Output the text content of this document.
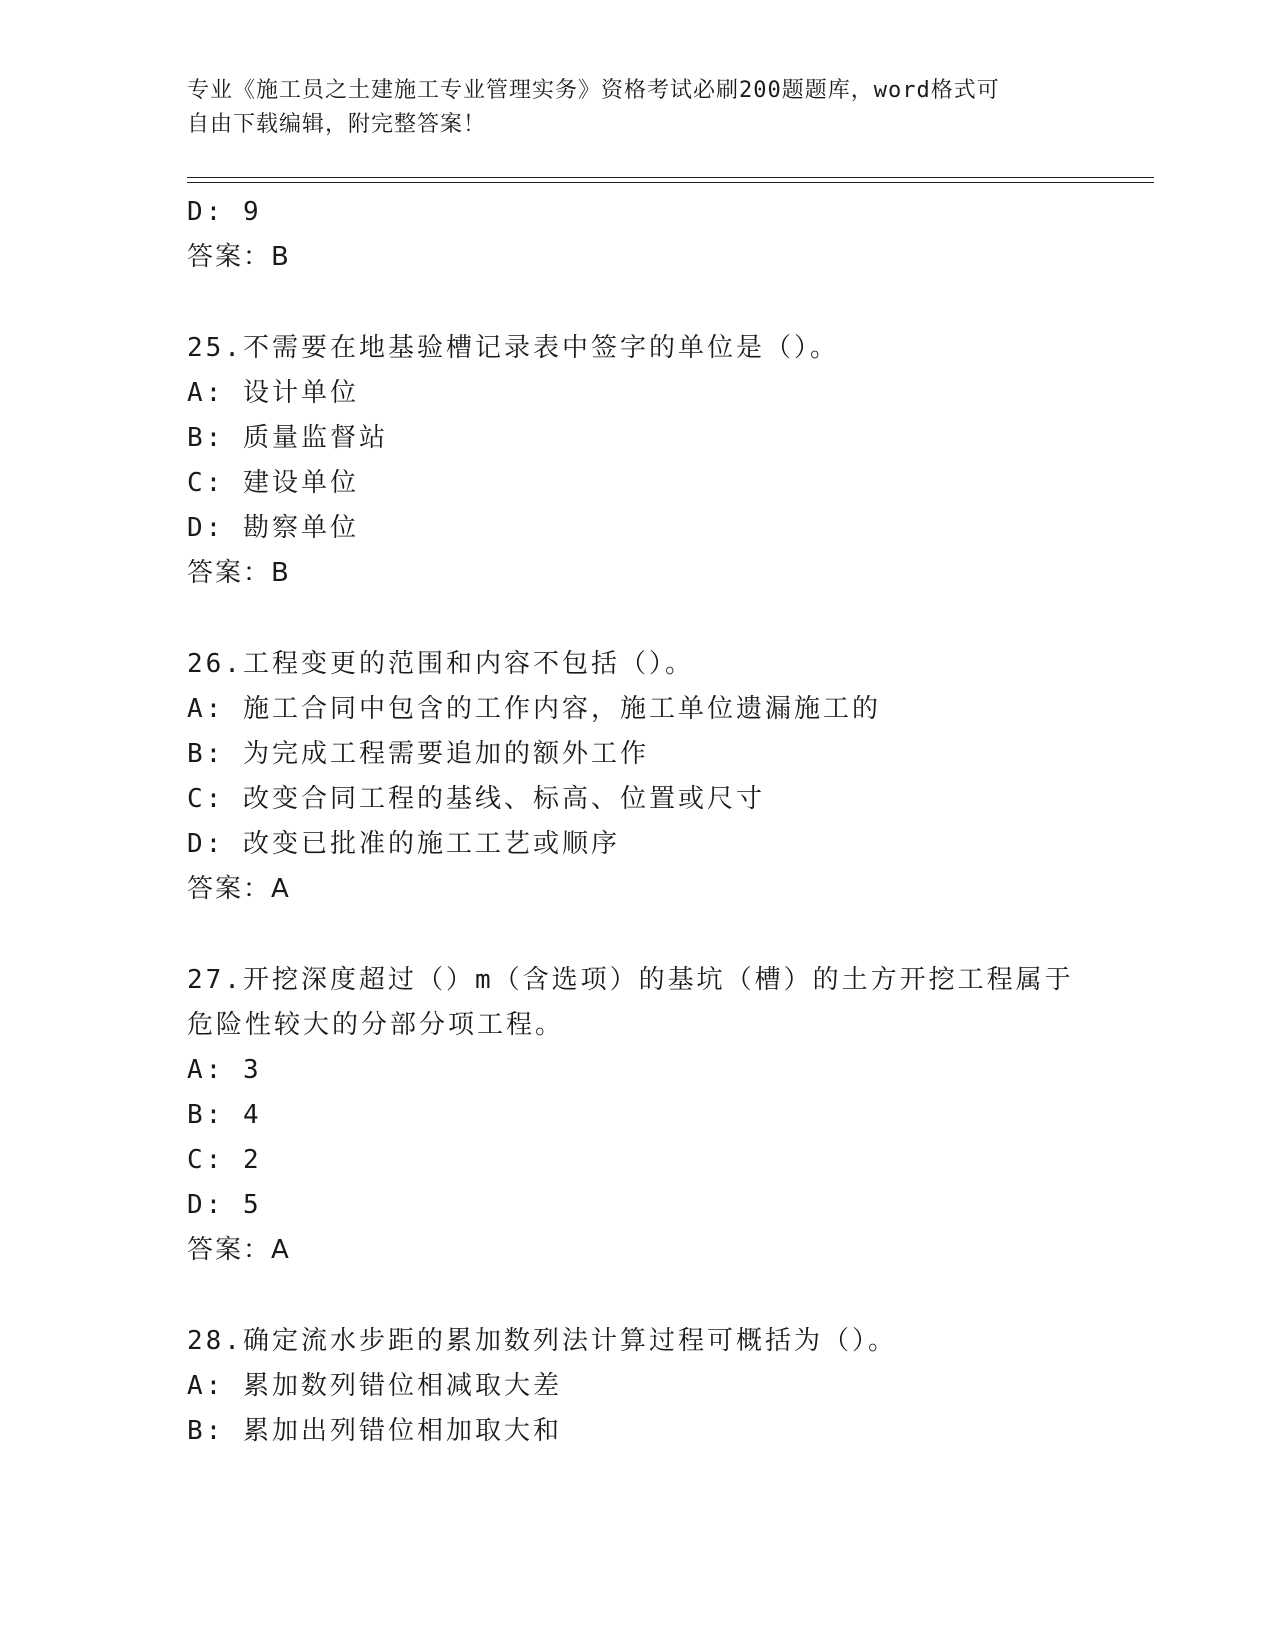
专业《施工员之土建施工专业管理实务》资格考试必刷200题题库，word格式可
自由下载编辑，附完整答案！
D: 9
答案：B
25.不需要在地基验槽记录表中签字的单位是（）。
A: 设计单位
B: 质量监督站
C: 建设单位
D: 勘察单位
答案：B
26.工程变更的范围和内容不包括（）。
A: 施工合同中包含的工作内容，施工单位遗漏施工的
B: 为完成工程需要追加的额外工作
C: 改变合同工程的基线、标高、位置或尺寸
D: 改变已批准的施工工艺或顺序
答案：A
27.开挖深度超过（）m（含选项）的基坑（槽）的土方开挖工程属于
危险性较大的分部分项工程。
A: 3
B: 4
C: 2
D: 5
答案：A
28.确定流水步距的累加数列法计算过程可概括为（）。
A: 累加数列错位相减取大差
B: 累加出列错位相加取大和
